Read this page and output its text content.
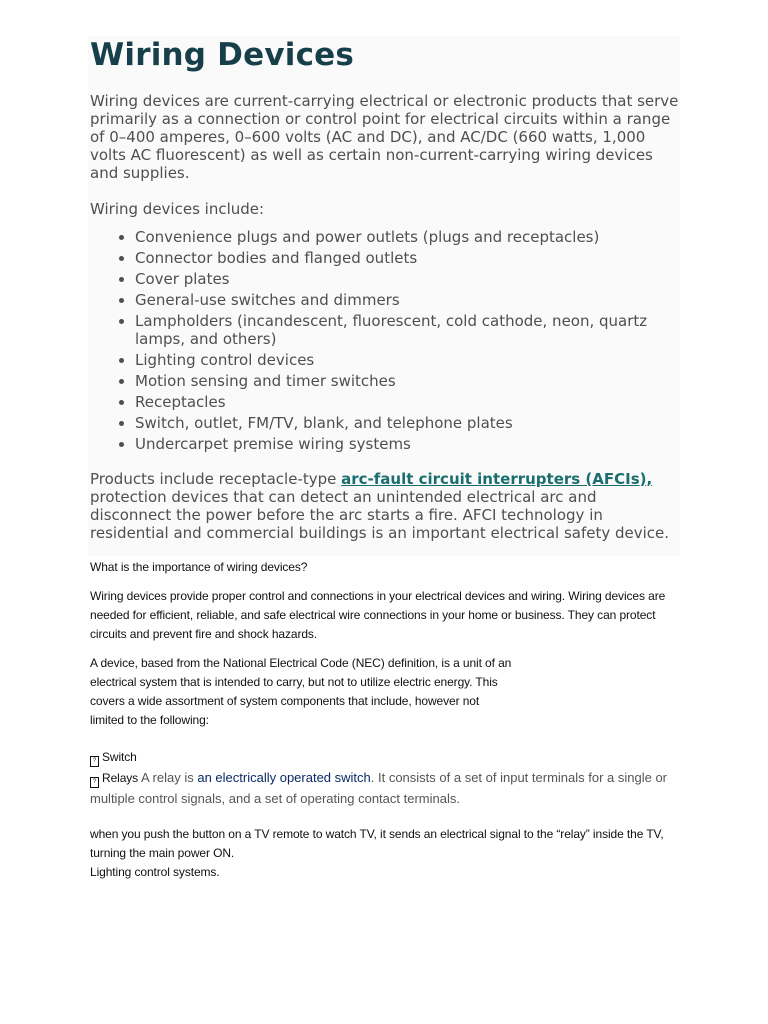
Wiring Devices

Wiring devices are current-carrying electrical or electronic products that serve primarily as a connection or control point for electrical circuits within a range of 0–400 amperes, 0–600 volts (AC and DC), and AC/DC (660 watts, 1,000 volts AC fluorescent) as well as certain non-current-carrying wiring devices and supplies.

Wiring devices include:

• Convenience plugs and power outlets (plugs and receptacles)
• Connector bodies and flanged outlets
• Cover plates
• General-use switches and dimmers
• Lampholders (incandescent, fluorescent, cold cathode, neon, quartz lamps, and others)
• Lighting control devices
• Motion sensing and timer switches
• Receptacles
• Switch, outlet, FM/TV, blank, and telephone plates
• Undercarpet premise wiring systems

Products include receptacle-type arc-fault circuit interrupters (AFCIs), protection devices that can detect an unintended electrical arc and disconnect the power before the arc starts a fire. AFCI technology in residential and commercial buildings is an important electrical safety device.

What is the importance of wiring devices?

Wiring devices provide proper control and connections in your electrical devices and wiring. Wiring devices are needed for efficient, reliable, and safe electrical wire connections in your home or business. They can protect circuits and prevent fire and shock hazards.

A device, based from the National Electrical Code (NEC) definition, is a unit of an electrical system that is intended to carry, but not to utilize electric energy. This covers a wide assortment of system components that include, however not limited to the following:

? Switch
? Relays A relay is an electrically operated switch. It consists of a set of input terminals for a single or multiple control signals, and a set of operating contact terminals.

when you push the button on a TV remote to watch TV, it sends an electrical signal to the “relay” inside the TV, turning the main power ON.
Lighting control systems.
